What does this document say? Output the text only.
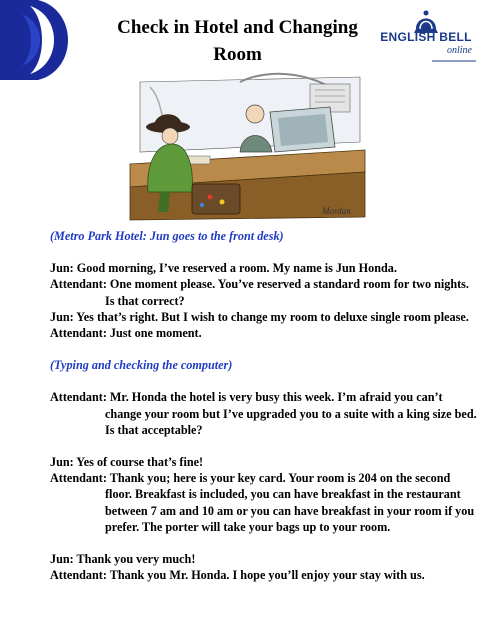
Check in Hotel and Changing
Room
ENGLISH BELL
online
Mordan

(Metro Park Hotel: Jun goes to the front desk)

Jun: Good morning, I’ve reserved a room. My name is Jun Honda.

Attendant: One moment please. You’ve reserved a standard room for two nights. Is that correct?

Jun: Yes that’s right. But I wish to change my room to deluxe single room please.

Attendant: Just one moment.

(Typing and checking the computer)

Attendant: Mr. Honda the hotel is very busy this week. I’m afraid you can’t change your room but I’ve upgraded you to a suite with a king size bed. Is that acceptable?

Jun: Yes of course that’s fine!

Attendant: Thank you; here is your key card. Your room is 204 on the second floor. Breakfast is included, you can have breakfast in the restaurant between 7 am and 10 am or you can have breakfast in your room if you prefer. The porter will take your bags up to your room.

Jun: Thank you very much!

Attendant: Thank you Mr. Honda. I hope you’ll enjoy your stay with us.
